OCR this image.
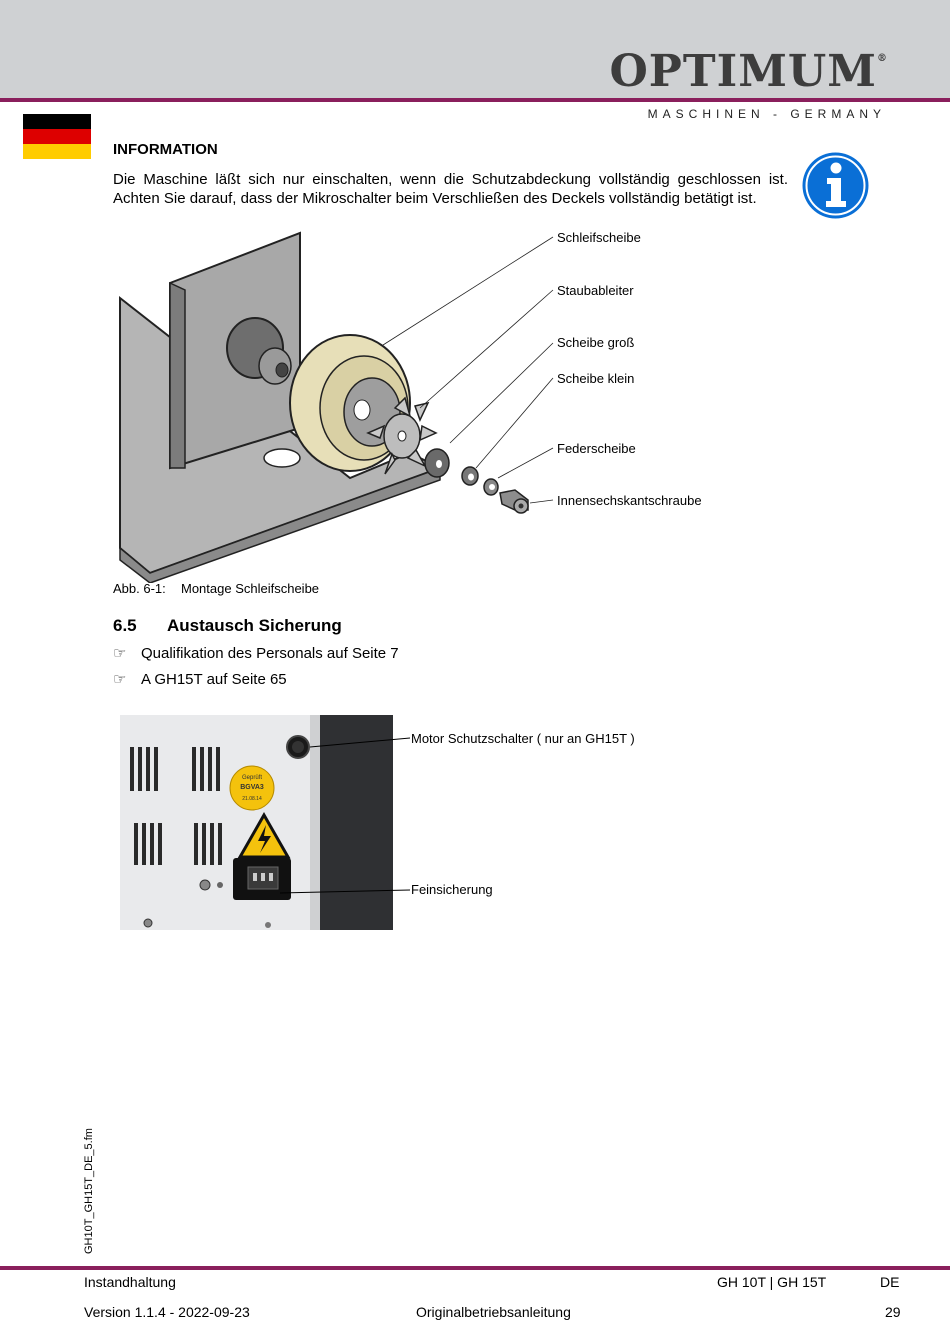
OPTIMUM®
MASCHINEN - GERMANY
INFORMATION
Die Maschine läßt sich nur einschalten, wenn die Schutzabdeckung vollständig geschlossen ist. Achten Sie darauf, dass der Mikroschalter beim Verschließen des Deckels vollständig betätigt ist.
Schleifscheibe
Staubableiter
Scheibe groß
Scheibe klein
Federscheibe
Innensechskantschraube
Abb. 6-1: Montage Schleifscheibe
6.5 Austausch Sicherung
☞ Qualifikation des Personals auf Seite 7
☞ A GH15T auf Seite 65
Geprüft
BGVA3
21.08.14
Motor Schutzschalter ( nur an GH15T )
Feinsicherung
GH10T_GH15T_DE_5.fm
Instandhaltung	GH 10T | GH 15T	DE
Version 1.1.4 - 2022-09-23	Originalbetriebsanleitung	29
